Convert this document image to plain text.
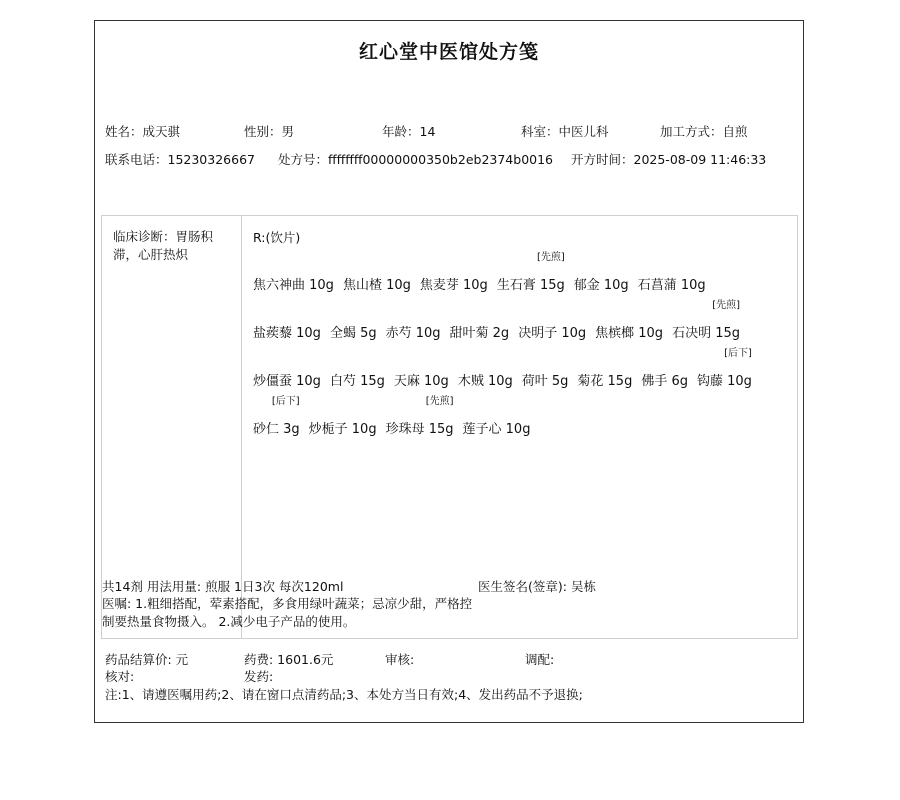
红心堂中医馆处方笺
姓名：成天骐	性别：男	年龄：14	科室：中医儿科	加工方式：自煎
联系电话：15230326667 处方号：ffffffff00000000350b2eb2374b0016 开方时间：2025-08-09 11:46:33
临床诊断：胃肠积滞，心肝热炽
R:(饮片)
焦六神曲 10g 焦山楂 10g 焦麦芽 10g 生石膏 15g
[先煎]
郁金 10g 石菖蒲 10g
盐蒺藜 10g 全蝎 5g 赤芍 10g 甜叶菊 2g 决明子 10g 焦槟榔 10g 石决明 15g
[先煎]
炒僵蚕 10g 白芍 15g 天麻 10g 木贼 10g 荷叶 5g 菊花 15g 佛手 6g 钩藤 10g
[后下]
砂仁 3g
[后下]
炒栀子 10g 珍珠母 15g
[先煎]
莲子心 10g
共14剂 用法用量: 煎服 1日3次 每次120ml	医生签名(签章): 吴栋
医嘱: 1.粗细搭配，荤素搭配，多食用绿叶蔬菜；忌凉少甜，严格控制要热量食物摄入。 2.减少电子产品的使用。
药品结算价: 元	药费: 1601.6元	审核:	调配:
核对:	发药:
注:1、请遵医嘱用药;2、请在窗口点清药品;3、本处方当日有效;4、发出药品不予退换;
